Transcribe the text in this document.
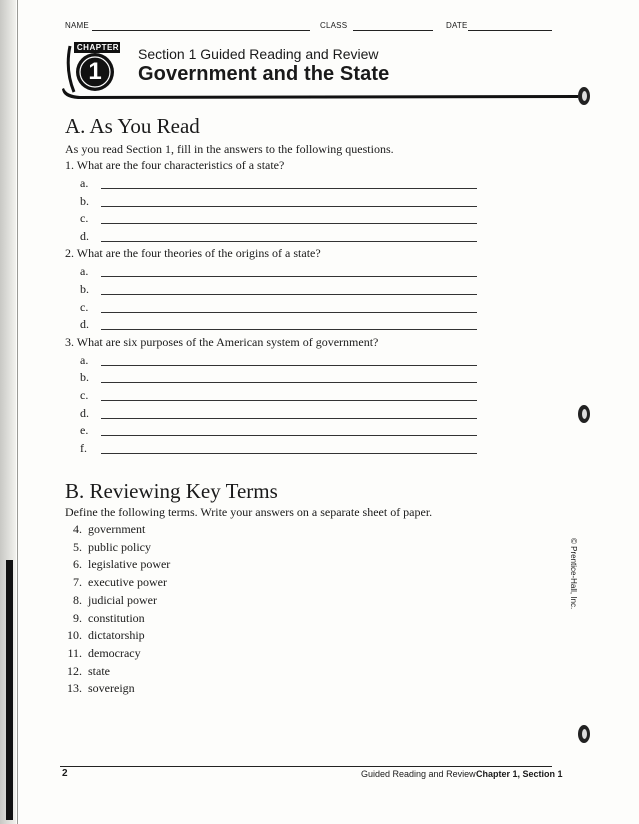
NAME	CLASS	DATE
CHAPTER
1
Section 1 Guided Reading and Review
Government and the State
A. As You Read
As you read Section 1, fill in the answers to the following questions.
1. What are the four characteristics of a state?
a.
b.
c.
d.
2. What are the four theories of the origins of a state?
a.
b.
c.
d.
3. What are six purposes of the American system of government?
a.
b.
c.
d.
e.
f.
B. Reviewing Key Terms
Define the following terms. Write your answers on a separate sheet of paper.
4. government
5. public policy
6. legislative power
7. executive power
8. judicial power
9. constitution
10. dictatorship
11. democracy
12. state
13. sovereign
© Prentice-Hall, Inc.
2	Guided Reading and Review Chapter 1, Section 1
